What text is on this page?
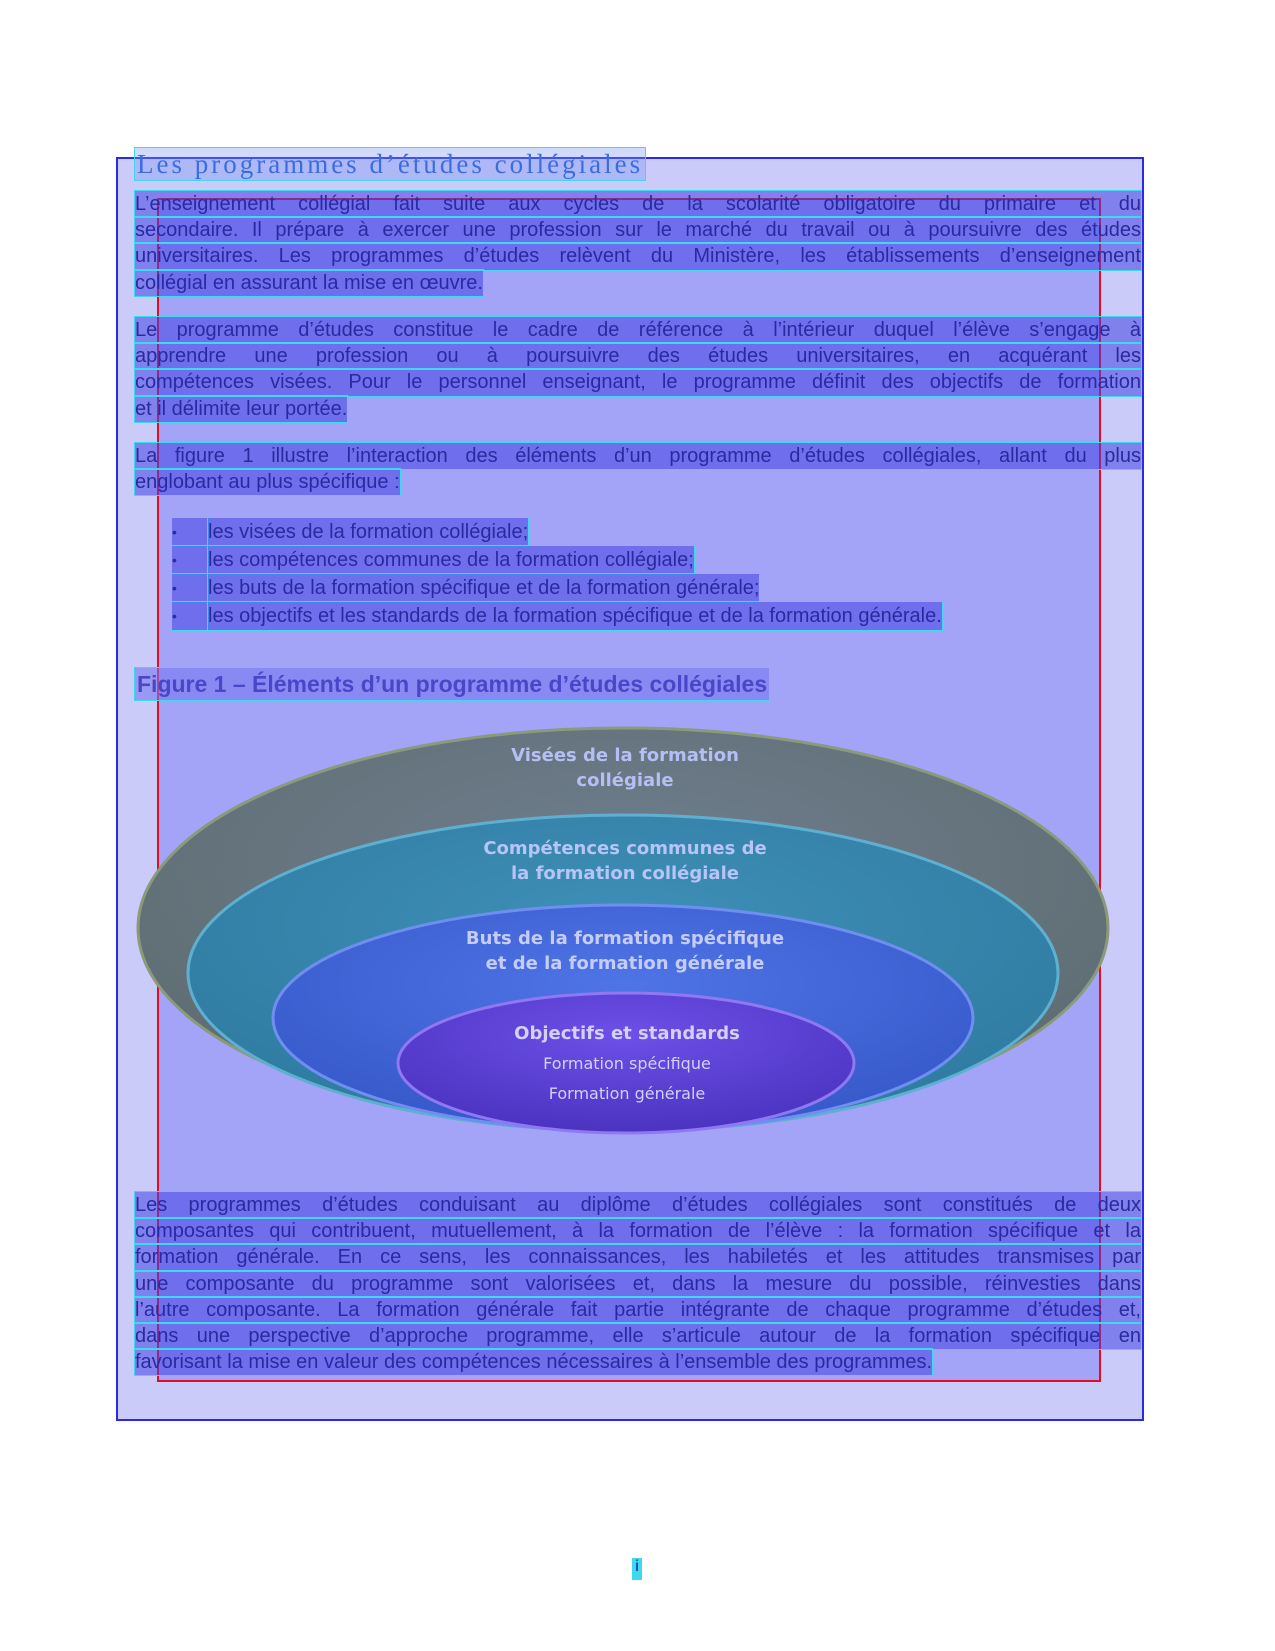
Les programmes d’études collégiales
L’enseignement collégial fait suite aux cycles de la scolarité obligatoire du primaire et du
secondaire. Il prépare à exercer une profession sur le marché du travail ou à poursuivre des études
universitaires. Les programmes d’études relèvent du Ministère, les établissements d’enseignement
collégial en assurant la mise en œuvre.
Le programme d’études constitue le cadre de référence à l’intérieur duquel l’élève s’engage à
apprendre une profession ou à poursuivre des études universitaires, en acquérant les
compétences visées. Pour le personnel enseignant, le programme définit des objectifs de formation
et il délimite leur portée.
La figure 1 illustre l’interaction des éléments d’un programme d’études collégiales, allant du plus
englobant au plus spécifique :
•	les visées de la formation collégiale;
•	les compétences communes de la formation collégiale;
•	les buts de la formation spécifique et de la formation générale;
•	les objectifs et les standards de la formation spécifique et de la formation générale.
Figure 1 – Éléments d’un programme d’études collégiales
Visées de la formation
collégiale
Compétences communes de
la formation collégiale
Buts de la formation spécifique
et de la formation générale
Objectifs et standards
Formation spécifique
Formation générale
Les programmes d’études conduisant au diplôme d’études collégiales sont constitués de deux
composantes qui contribuent, mutuellement, à la formation de l’élève : la formation spécifique et la
formation générale. En ce sens, les connaissances, les habiletés et les attitudes transmises par
une composante du programme sont valorisées et, dans la mesure du possible, réinvesties dans
l’autre composante. La formation générale fait partie intégrante de chaque programme d’études et,
dans une perspective d’approche programme, elle s’articule autour de la formation spécifique en
favorisant la mise en valeur des compétences nécessaires à l’ensemble des programmes.
i
